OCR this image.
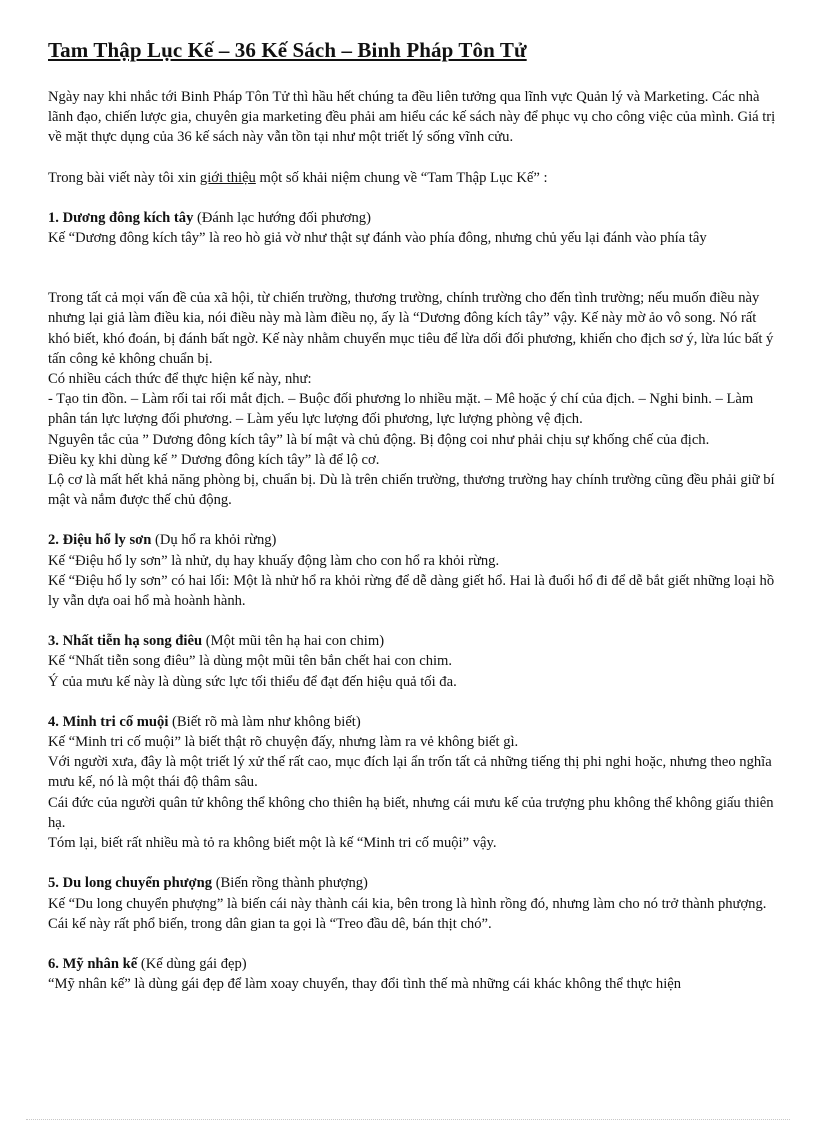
Tam Thập Lục Kế – 36 Kế Sách – Binh Pháp Tôn Tử
Ngày nay khi nhắc tới Binh Pháp Tôn Tử thì hầu hết chúng ta đều liên tưởng qua lĩnh vực Quản lý và Marketing. Các nhà lãnh đạo, chiến lược gia, chuyên gia marketing đều phải am hiểu các kế sách này để phục vụ cho công việc của mình. Giá trị về mặt thực dụng của 36 kế sách này vẫn tồn tại như một triết lý sống vĩnh cửu.
Trong bài viết này tôi xin giới thiệu một số khải niệm chung về “Tam Thập Lục Kế” :
1. Dương đông kích tây (Đánh lạc hướng đối phương)
Kế “Dương đông kích tây” là reo hò giả vờ như thật sự đánh vào phía đông, nhưng chủ yếu lại đánh vào phía tây
Trong tất cả mọi vấn đề của xã hội, từ chiến trường, thương trường, chính trường cho đến tình trường; nếu muốn điều này nhưng lại giả làm điều kia, nói điều này mà làm điều nọ, ấy là “Dương đông kích tây” vậy. Kế này mờ ảo vô song. Nó rất khó biết, khó đoán, bị đánh bất ngờ. Kế này nhằm chuyển mục tiêu để lừa dối đối phương, khiến cho địch sơ ý, lừa lúc bất ý tấn công kẻ không chuẩn bị.
Có nhiều cách thức để thực hiện kế này, như:
- Tạo tin đồn. – Làm rối tai rối mắt địch. – Buộc đối phương lo nhiều mặt. – Mê hoặc ý chí của địch. – Nghi binh. – Làm phân tán lực lượng đối phương. – Làm yếu lực lượng đối phương, lực lượng phòng vệ địch.
Nguyên tắc của ” Dương đông kích tây” là bí mật và chủ động. Bị động coi như phải chịu sự khống chế của địch.
Điều kỵ khi dùng kế ” Dương đông kích tây” là để lộ cơ.
Lộ cơ là mất hết khả năng phòng bị, chuẩn bị. Dù là trên chiến trường, thương trường hay chính trường cũng đều phải giữ bí mật và nắm được thế chủ động.
2. Điệu hổ ly sơn (Dụ hổ ra khỏi rừng)
Kế “Điệu hổ ly sơn” là nhử, dụ hay khuấy động làm cho con hổ ra khỏi rừng.
Kế “Điệu hổ ly sơn” có hai lối: Một là nhử hổ ra khỏi rừng để dễ dàng giết hổ. Hai là đuổi hổ đi để dễ bắt giết những loại hồ ly vẫn dựa oai hổ mà hoành hành.
3. Nhất tiễn hạ song điêu (Một mũi tên hạ hai con chim)
Kế “Nhất tiễn song điêu” là dùng một mũi tên bắn chết hai con chim.
Ý của mưu kế này là dùng sức lực tối thiểu để đạt đến hiệu quả tối đa.
4. Minh tri cố muội (Biết rõ mà làm như không biết)
Kế “Minh tri cố muội” là biết thật rõ chuyện đấy, nhưng làm ra vẻ không biết gì.
Với người xưa, đây là một triết lý xử thế rất cao, mục đích lại ẩn trốn tất cả những tiếng thị phi nghi hoặc, nhưng theo nghĩa mưu kế, nó là một thái độ thâm sâu.
Cái đức của người quân tử không thể không cho thiên hạ biết, nhưng cái mưu kế của trượng phu không thể không giấu thiên hạ.
Tóm lại, biết rất nhiều mà tỏ ra không biết một là kế “Minh tri cố muội” vậy.
5. Du long chuyển phượng (Biến rồng thành phượng)
Kế “Du long chuyển phượng” là biến cái này thành cái kia, bên trong là hình rồng đó, nhưng làm cho nó trở thành phượng.
Cái kế này rất phổ biến, trong dân gian ta gọi là “Treo đầu dê, bán thịt chó”.
6. Mỹ nhân kế (Kế dùng gái đẹp)
“Mỹ nhân kế” là dùng gái đẹp để làm xoay chuyển, thay đổi tình thế mà những cái khác không thể thực hiện
